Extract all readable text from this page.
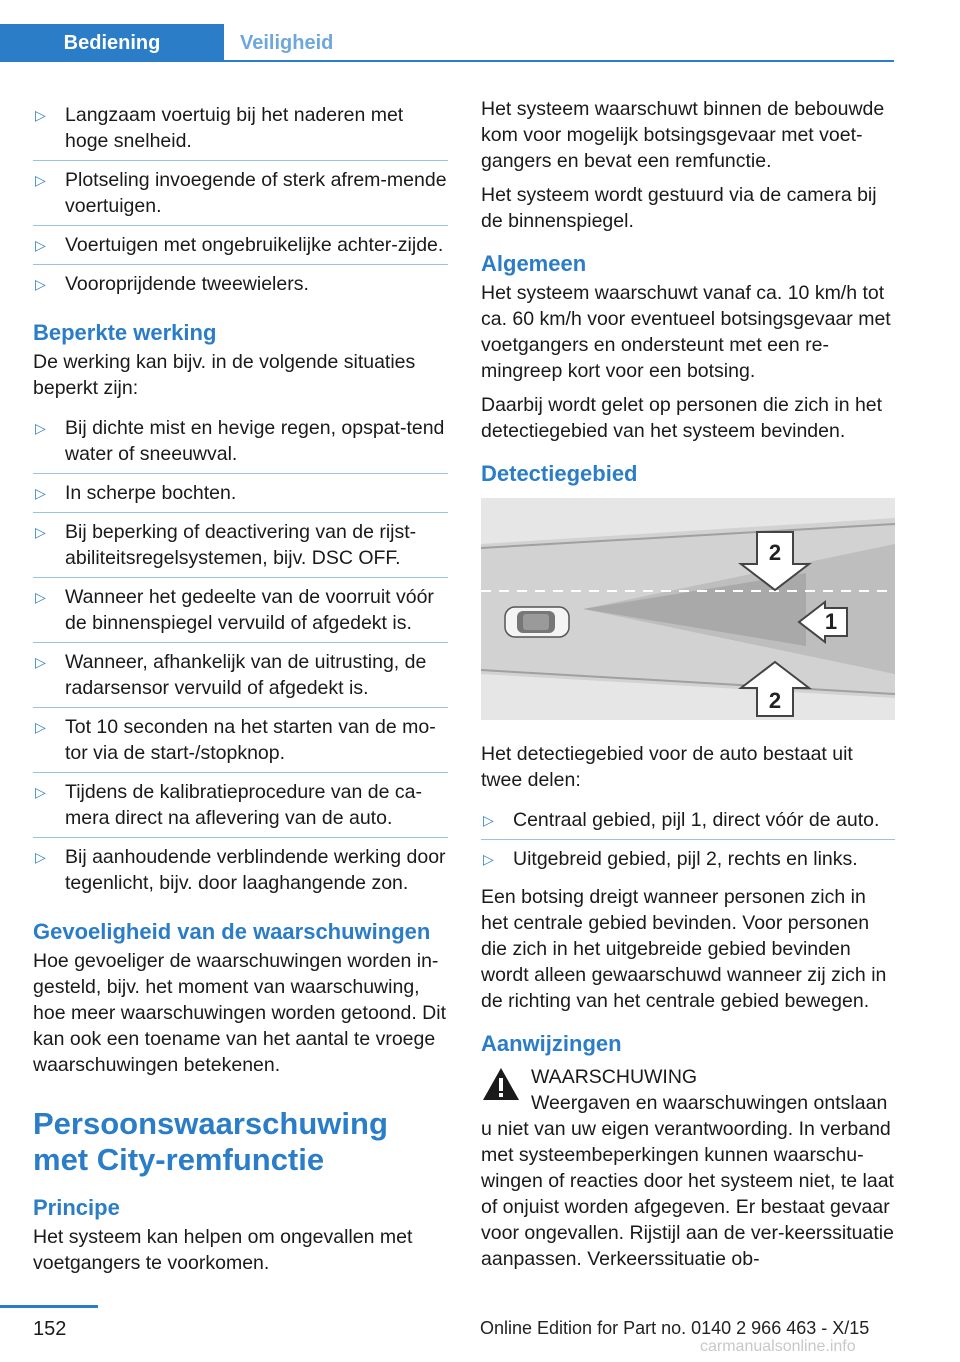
Bediening	Veiligheid
▷ Langzaam voertuig bij het naderen met hoge snelheid.
▷ Plotseling invoegende of sterk afrem-mende voertuigen.
▷ Voertuigen met ongebruikelijke achter-zijde.
▷ Vooroprijdende tweewielers.
Beperkte werking

De werking kan bijv. in de volgende situaties beperkt zijn:

▷ Bij dichte mist en hevige regen, opspat-tend water of sneeuwval.
▷ In scherpe bochten.
▷ Bij beperking of deactivering van de rijst-abiliteitsregelsystemen, bijv. DSC OFF.
▷ Wanneer het gedeelte van de voorruit vóór de binnenspiegel vervuild of afgedekt is.
▷ Wanneer, afhankelijk van de uitrusting, de radarsensor vervuild of afgedekt is.
▷ Tot 10 seconden na het starten van de mo-tor via de start-/stopknop.
▷ Tijdens de kalibratieprocedure van de ca-mera direct na aflevering van de auto.
▷ Bij aanhoudende verblindende werking door tegenlicht, bijv. door laaghangende zon.
Gevoeligheid van de waarschuwingen

Hoe gevoeliger de waarschuwingen worden in-gesteld, bijv. het moment van waarschuwing, hoe meer waarschuwingen worden getoond. Dit kan ook een toename van het aantal te vroege waarschuwingen betekenen.

Persoonswaarschuwing met City-remfunctie
Principe

Het systeem kan helpen om ongevallen met voetgangers te voorkomen.

Het systeem waarschuwt binnen de bebouwde kom voor mogelijk botsingsgevaar met voet-gangers en bevat een remfunctie.

Het systeem wordt gestuurd via de camera bij de binnenspiegel.

Algemeen

Het systeem waarschuwt vanaf ca. 10 km/h tot ca. 60 km/h voor eventueel botsingsgevaar met voetgangers en ondersteunt met een re-mingreep kort voor een botsing.

Daarbij wordt gelet op personen die zich in het detectiegebied van het systeem bevinden.

Detectiegebied
2
1
2

Het detectiegebied voor de auto bestaat uit twee delen:

▷ Centraal gebied, pijl 1, direct vóór de auto.
▷ Uitgebreid gebied, pijl 2, rechts en links.

Een botsing dreigt wanneer personen zich in het centrale gebied bevinden. Voor personen die zich in het uitgebreide gebied bevinden wordt alleen gewaarschuwd wanneer zij zich in de richting van het centrale gebied bewegen.

Aanwijzingen
WAARSCHUWING
Weergaven en waarschuwingen ontslaan u niet van uw eigen verantwoording. In verband met systeembeperkingen kunnen waarschu-wingen of reacties door het systeem niet, te laat of onjuist worden afgegeven. Er bestaat gevaar voor ongevallen. Rijstijl aan de ver-keerssituatie aanpassen. Verkeerssituatie ob-
152	Online Edition for Part no. 0140 2 966 463 - X/15
carmanualsonline.info
